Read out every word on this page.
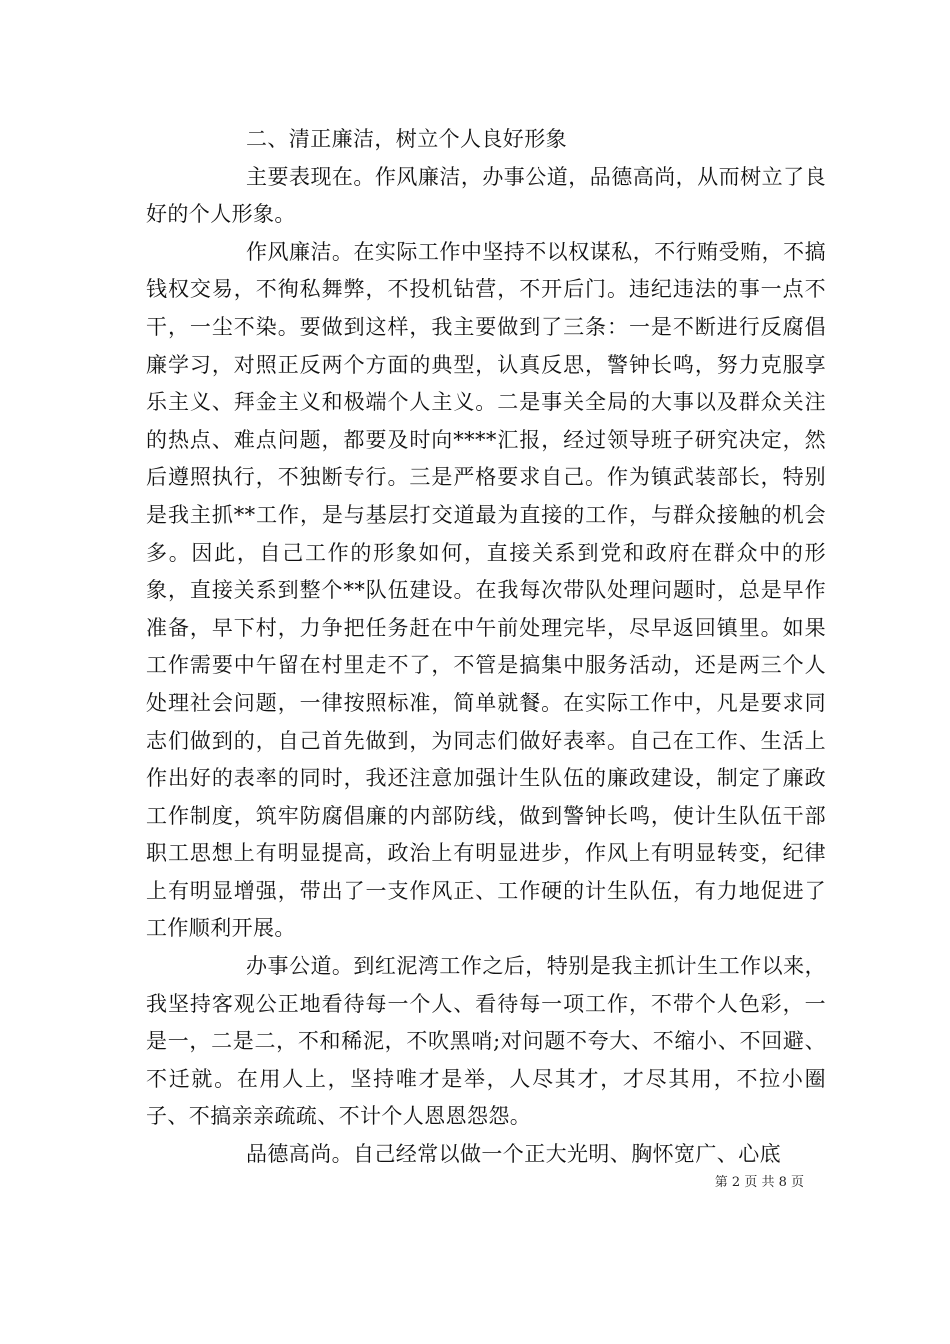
二、清正廉洁，树立个人良好形象

主要表现在。作风廉洁，办事公道，品德高尚，从而树立了良好的个人形象。

作风廉洁。在实际工作中坚持不以权谋私，不行贿受贿，不搞钱权交易，不徇私舞弊，不投机钻营，不开后门。违纪违法的事一点不干，一尘不染。要做到这样，我主要做到了三条：一是不断进行反腐倡廉学习，对照正反两个方面的典型，认真反思，警钟长鸣，努力克服享乐主义、拜金主义和极端个人主义。二是事关全局的大事以及群众关注的热点、难点问题，都要及时向****汇报，经过领导班子研究决定，然后遵照执行，不独断专行。三是严格要求自己。作为镇武装部长，特别是我主抓**工作，是与基层打交道最为直接的工作，与群众接触的机会多。因此，自己工作的形象如何，直接关系到党和政府在群众中的形象，直接关系到整个**队伍建设。在我每次带队处理问题时，总是早作准备，早下村，力争把任务赶在中午前处理完毕，尽早返回镇里。如果工作需要中午留在村里走不了，不管是搞集中服务活动，还是两三个人处理社会问题，一律按照标准，简单就餐。在实际工作中，凡是要求同志们做到的，自己首先做到，为同志们做好表率。自己在工作、生活上作出好的表率的同时，我还注意加强计生队伍的廉政建设，制定了廉政工作制度，筑牢防腐倡廉的内部防线，做到警钟长鸣，使计生队伍干部职工思想上有明显提高，政治上有明显进步，作风上有明显转变，纪律上有明显增强，带出了一支作风正、工作硬的计生队伍，有力地促进了工作顺利开展。

办事公道。到红泥湾工作之后，特别是我主抓计生工作以来，我坚持客观公正地看待每一个人、看待每一项工作，不带个人色彩，一是一，二是二，不和稀泥，不吹黑哨;对问题不夸大、不缩小、不回避、不迁就。在用人上，坚持唯才是举，人尽其才，才尽其用，不拉小圈子、不搞亲亲疏疏、不计个人恩恩怨怨。

品德高尚。自己经常以做一个正大光明、胸怀宽广、心底

第 2 页 共 8 页
